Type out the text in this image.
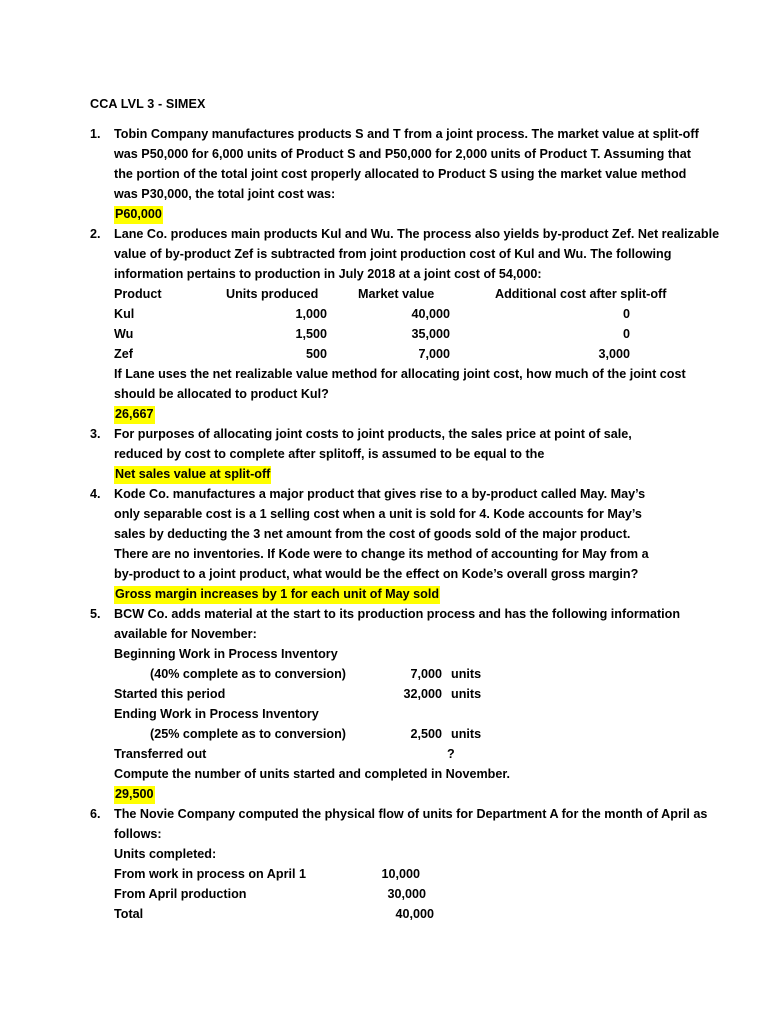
CCA LVL 3 - SIMEX
1.	Tobin Company manufactures products S and T from a joint process. The market value at split-off
was P50,000 for 6,000 units of Product S and P50,000 for 2,000 units of Product T. Assuming that
the portion of the total joint cost properly allocated to Product S using the market value method
was P30,000, the total joint cost was:
P60,000
2.	Lane Co. produces main products Kul and Wu. The process also yields by-product Zef. Net realizable
value of by-product Zef is subtracted from joint production cost of Kul and Wu. The following
information pertains to production in July 2018 at a joint cost of 54,000:
Product	Units produced	Market value	Additional cost after split-off
Kul	1,000	40,000	0
Wu	1,500	35,000	0
Zef	500	7,000	3,000
If Lane uses the net realizable value method for allocating joint cost, how much of the joint cost
should be allocated to product Kul?
26,667
3.	For purposes of allocating joint costs to joint products, the sales price at point of sale,
reduced by cost to complete after splitoff, is assumed to be equal to the
Net sales value at split-off
4.	Kode Co. manufactures a major product that gives rise to a by-product called May. May’s
only separable cost is a 1 selling cost when a unit is sold for 4. Kode accounts for May’s
sales by deducting the 3 net amount from the cost of goods sold of the major product.
There are no inventories. If Kode were to change its method of accounting for May from a
by-product to a joint product, what would be the effect on Kode’s overall gross margin?
Gross margin increases by 1 for each unit of May sold
5.	BCW Co. adds material at the start to its production process and has the following information
available for November:
Beginning Work in Process Inventory
(40% complete as to conversion)	7,000 units
Started this period	32,000 units
Ending Work in Process Inventory
(25% complete as to conversion)	2,500 units
Transferred out	?
Compute the number of units started and completed in November.
29,500
6.	The Novie Company computed the physical flow of units for Department A for the month of April as
follows:
Units completed:
From work in process on April 1	10,000
From April production	30,000
Total	40,000
